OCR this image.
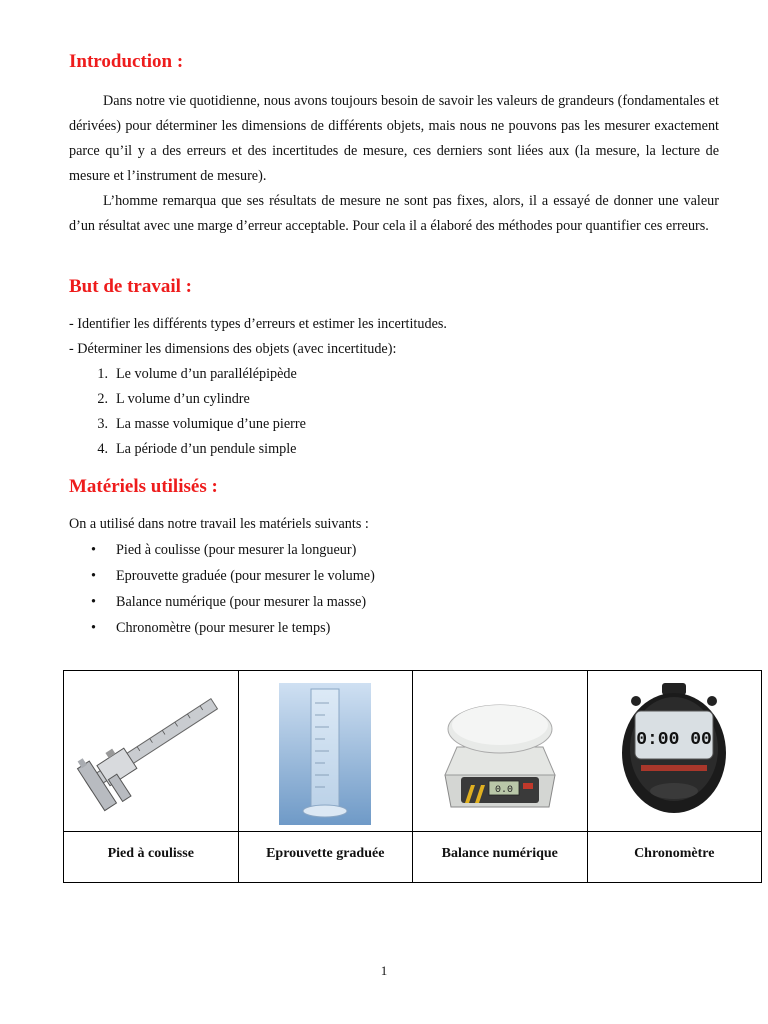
Introduction :

Dans notre vie quotidienne, nous avons toujours besoin de savoir les valeurs de grandeurs (fondamentales et dérivées) pour déterminer les dimensions de différents objets, mais nous ne pouvons pas les mesurer exactement parce qu’il y a des erreurs et des incertitudes de mesure, ces derniers sont liées aux (la mesure, la lecture de mesure et l’instrument de mesure).

L’homme remarqua que ses résultats de mesure ne sont pas fixes, alors, il a essayé de donner une valeur d’un résultat avec une marge d’erreur acceptable. Pour cela il a élaboré des méthodes pour quantifier ces erreurs.

But de travail :

- Identifier les différents types d’erreurs et estimer les incertitudes.

- Déterminer les dimensions des objets (avec incertitude):

1. Le volume d’un parallélépipède
2. L volume d’un cylindre
3. La masse volumique d’une pierre
4. La période d’un pendule simple
Matériels utilisés :

On a utilisé dans notre travail les matériels suivants :

• Pied à coulisse (pour mesurer la longueur)
• Eprouvette graduée (pour mesurer le volume)
• Balance numérique (pour mesurer la masse)
• Chronomètre (pour mesurer le temps)

0.0	0:00 00

Pied à coulisse	Eprouvette graduée	Balance numérique	Chronomètre
1
